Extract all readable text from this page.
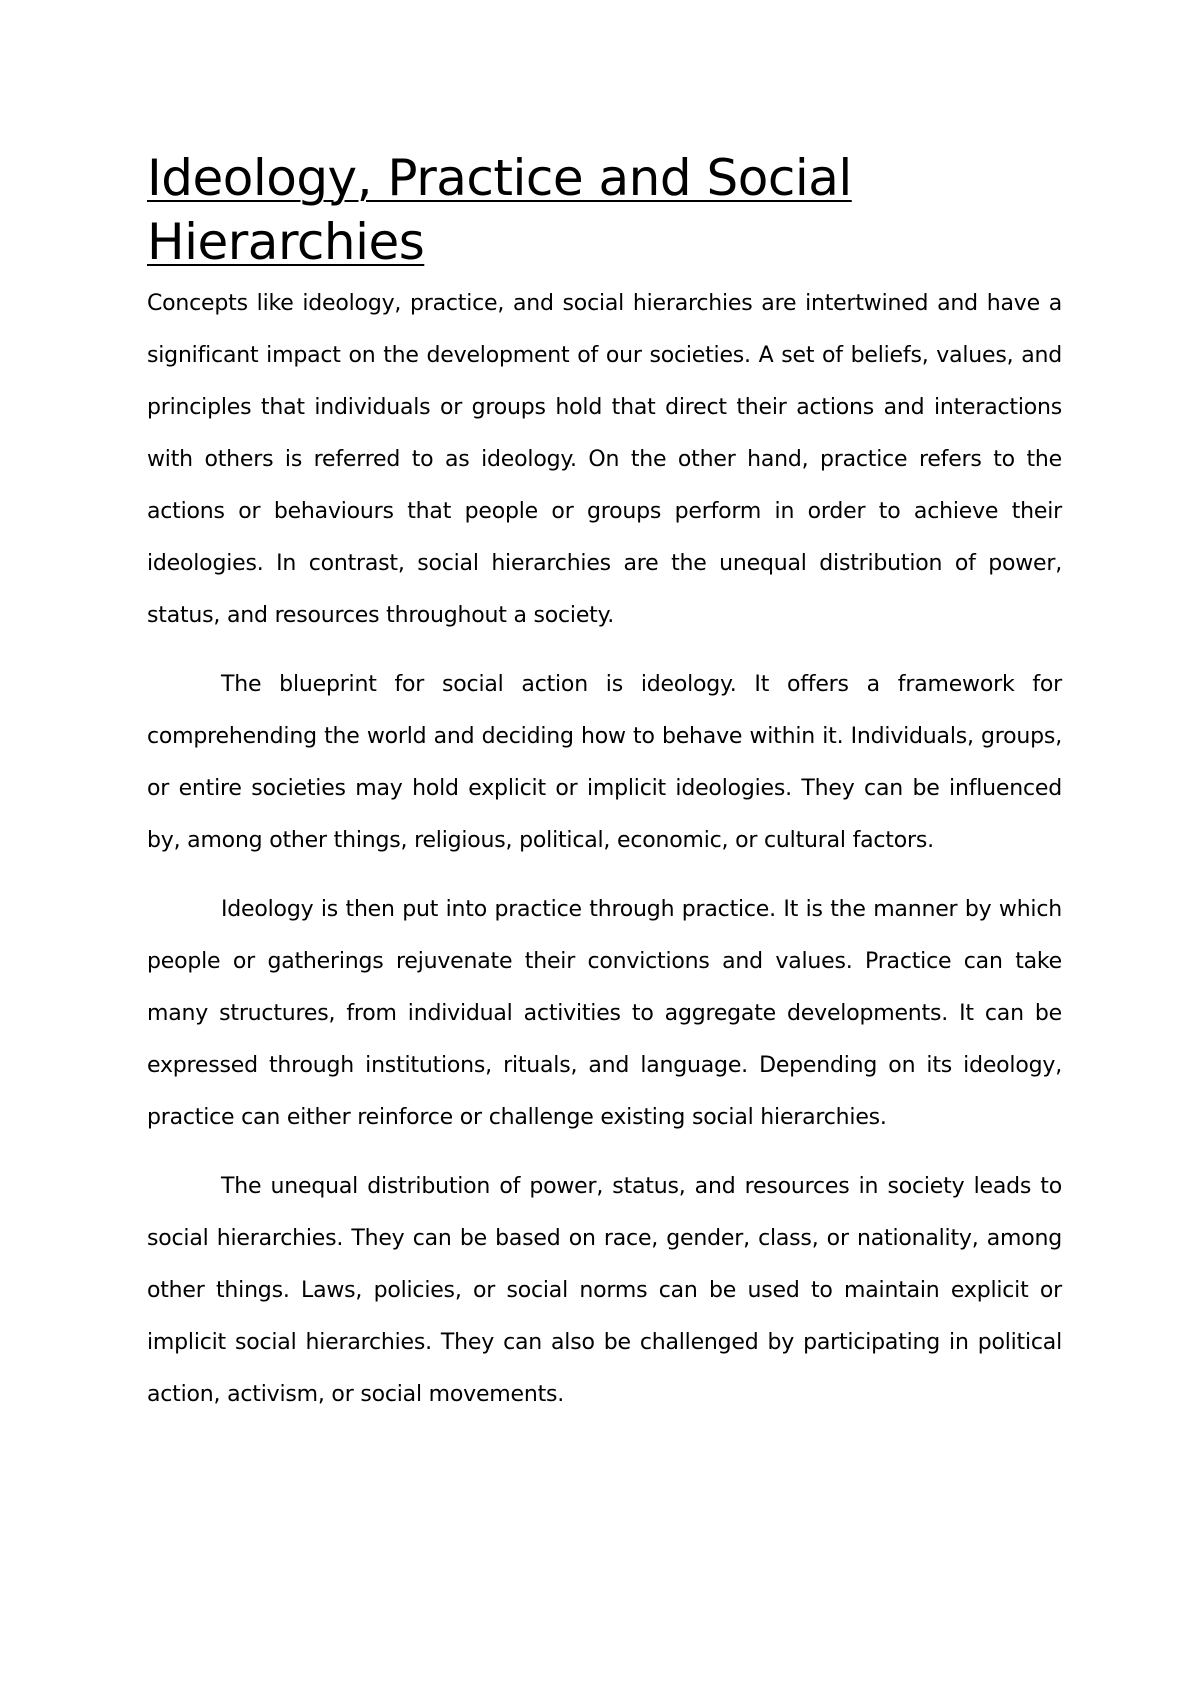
Ideology, Practice and Social Hierarchies

Concepts like ideology, practice, and social hierarchies are intertwined and have a significant impact on the development of our societies. A set of beliefs, values, and principles that individuals or groups hold that direct their actions and interactions with others is referred to as ideology. On the other hand, practice refers to the actions or behaviours that people or groups perform in order to achieve their ideologies. In contrast, social hierarchies are the unequal distribution of power, status, and resources throughout a society.

The blueprint for social action is ideology. It offers a framework for comprehending the world and deciding how to behave within it. Individuals, groups, or entire societies may hold explicit or implicit ideologies. They can be influenced by, among other things, religious, political, economic, or cultural factors.

Ideology is then put into practice through practice. It is the manner by which people or gatherings rejuvenate their convictions and values. Practice can take many structures, from individual activities to aggregate developments. It can be expressed through institutions, rituals, and language. Depending on its ideology, practice can either reinforce or challenge existing social hierarchies.

The unequal distribution of power, status, and resources in society leads to social hierarchies. They can be based on race, gender, class, or nationality, among other things. Laws, policies, or social norms can be used to maintain explicit or implicit social hierarchies. They can also be challenged by participating in political action, activism, or social movements.
